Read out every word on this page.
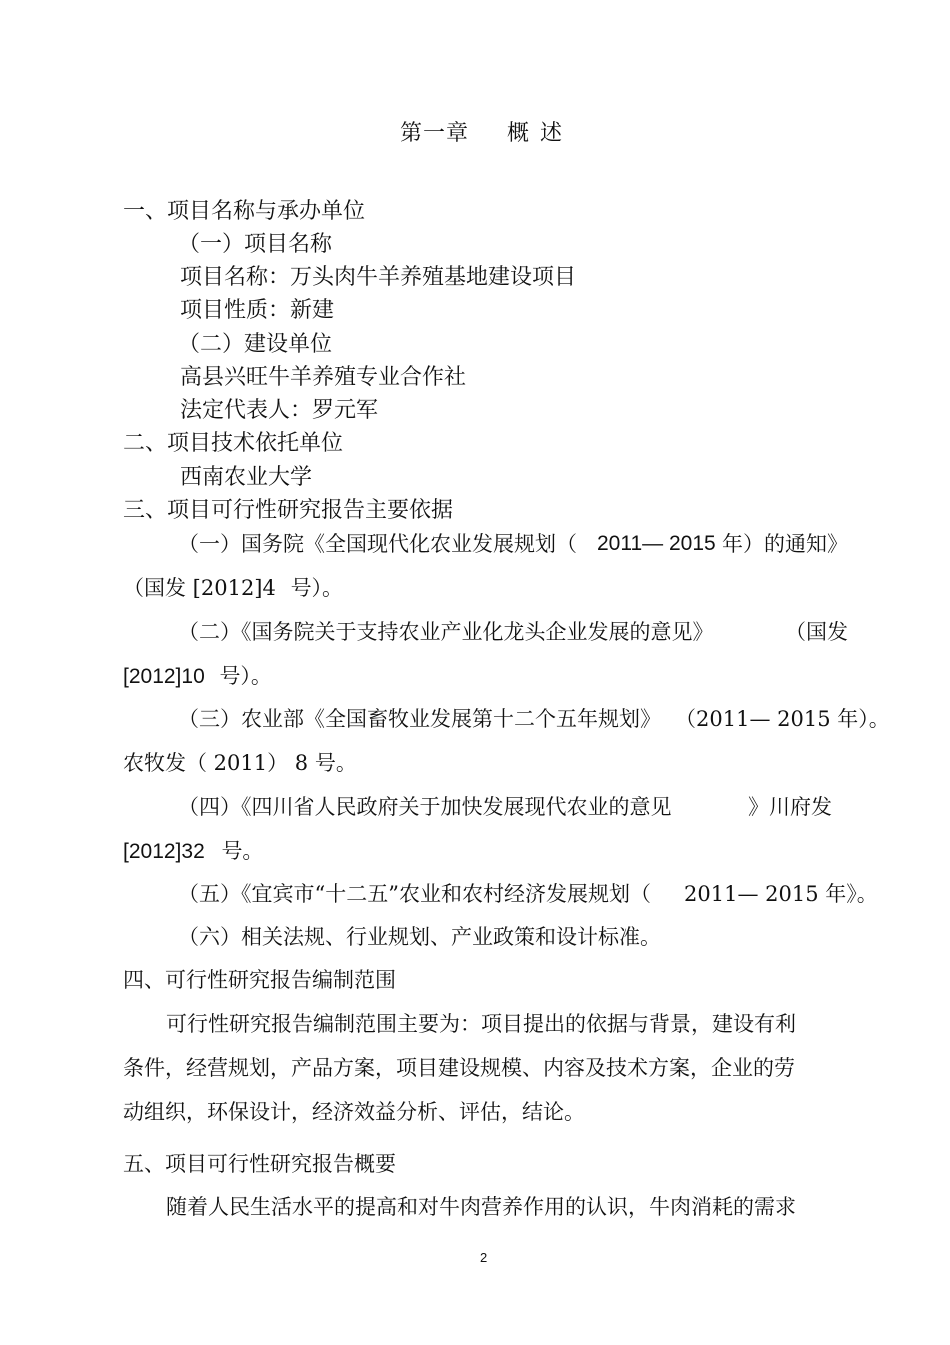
第一章 概 述
一、项目名称与承办单位
（一）项目名称
项目名称：万头肉牛羊养殖基地建设项目
项目性质：新建
（二）建设单位
高县兴旺牛羊养殖专业合作社
法定代表人：罗元军
二、项目技术依托单位
西南农业大学
三、项目可行性研究报告主要依据
（一）国务院《全国现代化农业发展规划（ 2011— 2015 年）的通知》
（国发 [2012]4 号）。
（二）《国务院关于支持农业产业化龙头企业发展的意见》	（国发
[2012]10 号）。
（三）农业部《全国畜牧业发展第十二个五年规划》 （2011— 2015 年）。
农牧发（ 2011） 8 号。
（四）《四川省人民政府关于加快发展现代农业的意见	》川府发
[2012]32 号。
（五）《宜宾市“十二五”农业和农村经济发展规划（ 2011— 2015 年》。
（六）相关法规、行业规划、产业政策和设计标准。
四、可行性研究报告编制范围
可行性研究报告编制范围主要为：项目提出的依据与背景，建设有利
条件，经营规划，产品方案，项目建设规模、内容及技术方案，企业的劳
动组织，环保设计，经济效益分析、评估，结论。
五、项目可行性研究报告概要
随着人民生活水平的提高和对牛肉营养作用的认识，牛肉消耗的需求
2
